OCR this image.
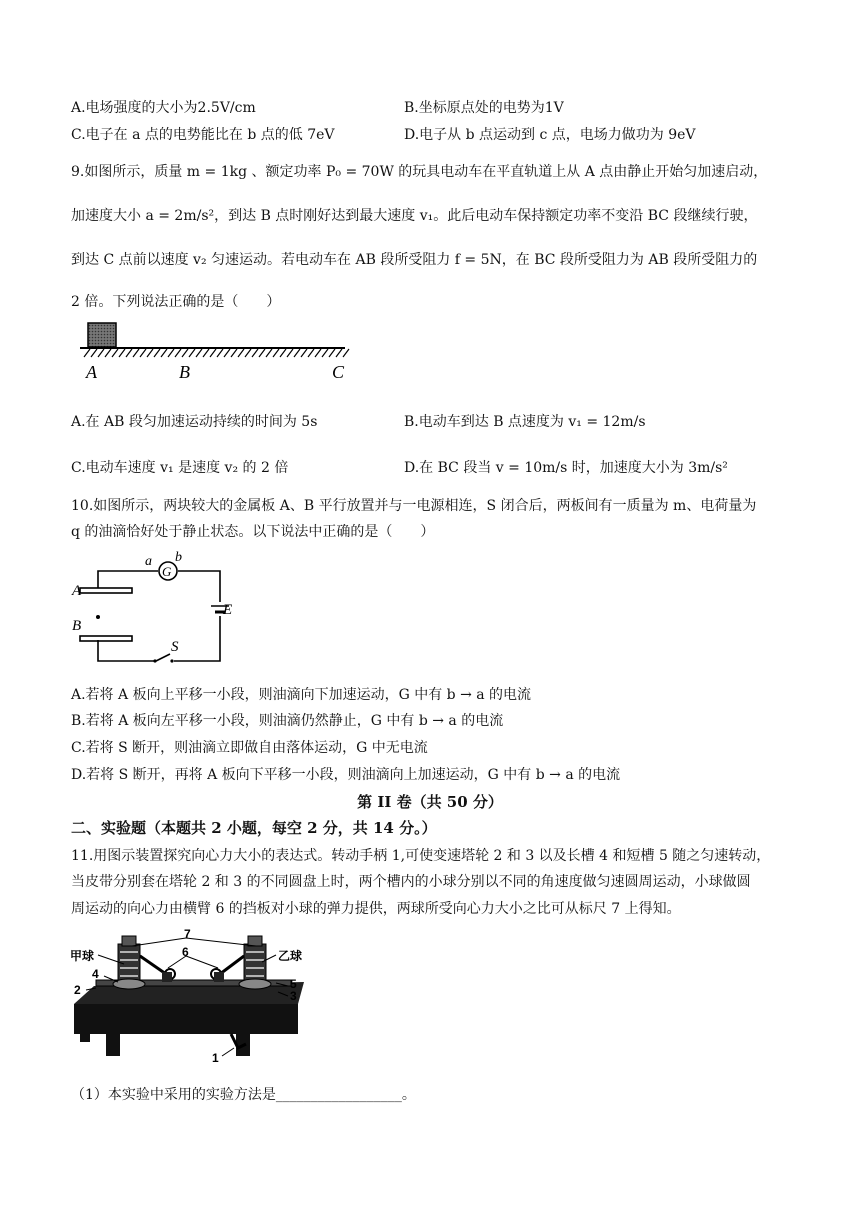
A.电场强度的大小为2.5V/cm	B.坐标原点处的电势为1V
C.电子在 a 点的电势能比在 b 点的低 7eV	D.电子从 b 点运动到 c 点，电场力做功为 9eV
9.如图所示，质量 m = 1kg 、额定功率 P₀ = 70W 的玩具电动车在平直轨道上从 A 点由静止开始匀加速启动，
加速度大小 a = 2m/s²，到达 B 点时刚好达到最大速度 v₁。此后电动车保持额定功率不变沿 BC 段继续行驶，
到达 C 点前以速度 v₂ 匀速运动。若电动车在 AB 段所受阻力 f = 5N，在 BC 段所受阻力为 AB 段所受阻力的
2 倍。下列说法正确的是（　　）
A	B	C
A.在 AB 段匀加速运动持续的时间为 5s	B.电动车到达 B 点速度为 v₁ = 12m/s
C.电动车速度 v₁ 是速度 v₂ 的 2 倍	D.在 BC 段当 v = 10m/s 时，加速度大小为 3m/s²
10.如图所示，两块较大的金属板 A、B 平行放置并与一电源相连，S 闭合后，两板间有一质量为 m、电荷量为
q 的油滴恰好处于静止状态。以下说法中正确的是（　　）
G
a b
A
B
E
S
A.若将 A 板向上平移一小段，则油滴向下加速运动，G 中有 b → a 的电流
B.若将 A 板向左平移一小段，则油滴仍然静止，G 中有 b → a 的电流
C.若将 S 断开，则油滴立即做自由落体运动，G 中无电流
D.若将 S 断开，再将 A 板向下平移一小段，则油滴向上加速运动，G 中有 b → a 的电流
第 II 卷（共 50 分）
二、实验题（本题共 2 小题，每空 2 分，共 14 分。）
11.用图示装置探究向心力大小的表达式。转动手柄 1,可使变速塔轮 2 和 3 以及长槽 4 和短槽 5 随之匀速转动，
当皮带分别套在塔轮 2 和 3 的不同圆盘上时，两个槽内的小球分别以不同的角速度做匀速圆周运动，小球做圆
周运动的向心力由横臂 6 的挡板对小球的弹力提供，两球所受向心力大小之比可从标尺 7 上得知。
甲球	乙球
7
6
4
2	5
3
1
（1）本实验中采用的实验方法是__________________。
